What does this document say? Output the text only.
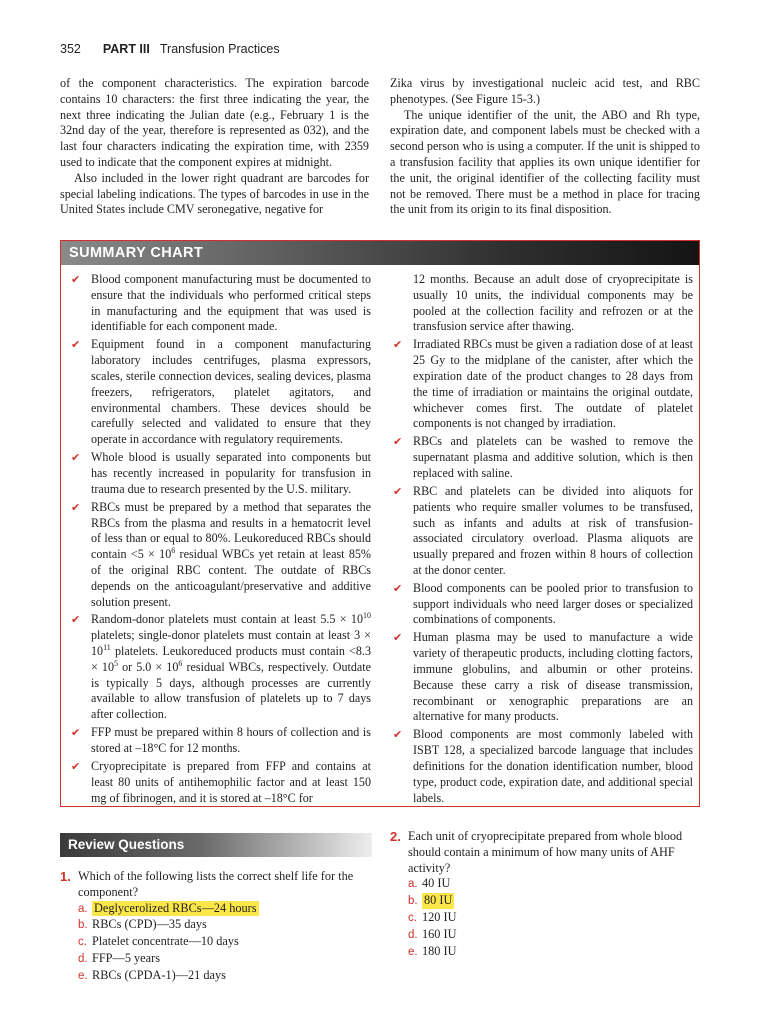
352 PART III Transfusion Practices

of the component characteristics. The expiration barcode contains 10 characters: the first three indicating the year, the next three indicating the Julian date (e.g., February 1 is the 32nd day of the year, therefore is represented as 032), and the last four characters indicating the expiration time, with 2359 used to indicate that the component expires at midnight.

Also included in the lower right quadrant are barcodes for special labeling indications. The types of barcodes in use in the United States include CMV seronegative, negative for

Zika virus by investigational nucleic acid test, and RBC phenotypes. (See Figure 15-3.)

The unique identifier of the unit, the ABO and Rh type, expiration date, and component labels must be checked with a second person who is using a computer. If the unit is shipped to a transfusion facility that applies its own unique identifier for the unit, the original identifier of the collecting facility must not be removed. There must be a method in place for tracing the unit from its origin to its final disposition.

SUMMARY CHART
✔ Blood component manufacturing must be documented to ensure that the individuals who performed critical steps in manufacturing and the equipment that was used is identifiable for each component made.
✔ Equipment found in a component manufacturing laboratory includes centrifuges, plasma expressors, scales, sterile connection devices, sealing devices, plasma freezers, refrigerators, platelet agitators, and environmental chambers. These devices should be carefully selected and validated to ensure that they operate in accordance with regulatory requirements.
✔ Whole blood is usually separated into components but has recently increased in popularity for transfusion in trauma due to research presented by the U.S. military.
✔ RBCs must be prepared by a method that separates the RBCs from the plasma and results in a hematocrit level of less than or equal to 80%. Leukoreduced RBCs should contain $<5 \times 10^6$ residual WBCs yet retain at least 85% of the original RBC content. The outdate of RBCs depends on the anticoagulant/preservative and additive solution present.
✔ Random-donor platelets must contain at least $5.5 \times 10^{10}$ platelets; single-donor platelets must contain at least $3 \times 10^{11}$ platelets. Leukoreduced products must contain $<8.3 \times 10^5$ or $5.0 \times 10^6$ residual WBCs, respectively. Outdate is typically 5 days, although processes are currently available to allow transfusion of platelets up to 7 days after collection.
✔ FFP must be prepared within 8 hours of collection and is stored at –18°C for 12 months.
✔ Cryoprecipitate is prepared from FFP and contains at least 80 units of antihemophilic factor and at least 150 mg of fibrinogen, and it is stored at –18°C for
12 months. Because an adult dose of cryoprecipitate is usually 10 units, the individual components may be pooled at the collection facility and refrozen or at the transfusion service after thawing.
✔ Irradiated RBCs must be given a radiation dose of at least 25 Gy to the midplane of the canister, after which the expiration date of the product changes to 28 days from the time of irradiation or maintains the original outdate, whichever comes first. The outdate of platelet components is not changed by irradiation.
✔ RBCs and platelets can be washed to remove the supernatant plasma and additive solution, which is then replaced with saline.
✔ RBC and platelets can be divided into aliquots for patients who require smaller volumes to be transfused, such as infants and adults at risk of transfusion-associated circulatory overload. Plasma aliquots are usually prepared and frozen within 8 hours of collection at the donor center.
✔ Blood components can be pooled prior to transfusion to support individuals who need larger doses or specialized combinations of components.
✔ Human plasma may be used to manufacture a wide variety of therapeutic products, including clotting factors, immune globulins, and albumin or other proteins. Because these carry a risk of disease transmission, recombinant or xenographic preparations are an alternative for many products.
✔ Blood components are most commonly labeled with ISBT 128, a specialized barcode language that includes definitions for the donation identification number, blood type, product code, expiration date, and additional special labels.
Review Questions
1. Which of the following lists the correct shelf life for the component?
a. Deglycerolized RBCs—24 hours
b. RBCs (CPD)—35 days
c. Platelet concentrate—10 days
d. FFP—5 years
e. RBCs (CPDA-1)—21 days
2. Each unit of cryoprecipitate prepared from whole blood should contain a minimum of how many units of AHF activity?
a. 40 IU
b. 80 IU
c. 120 IU
d. 160 IU
e. 180 IU
